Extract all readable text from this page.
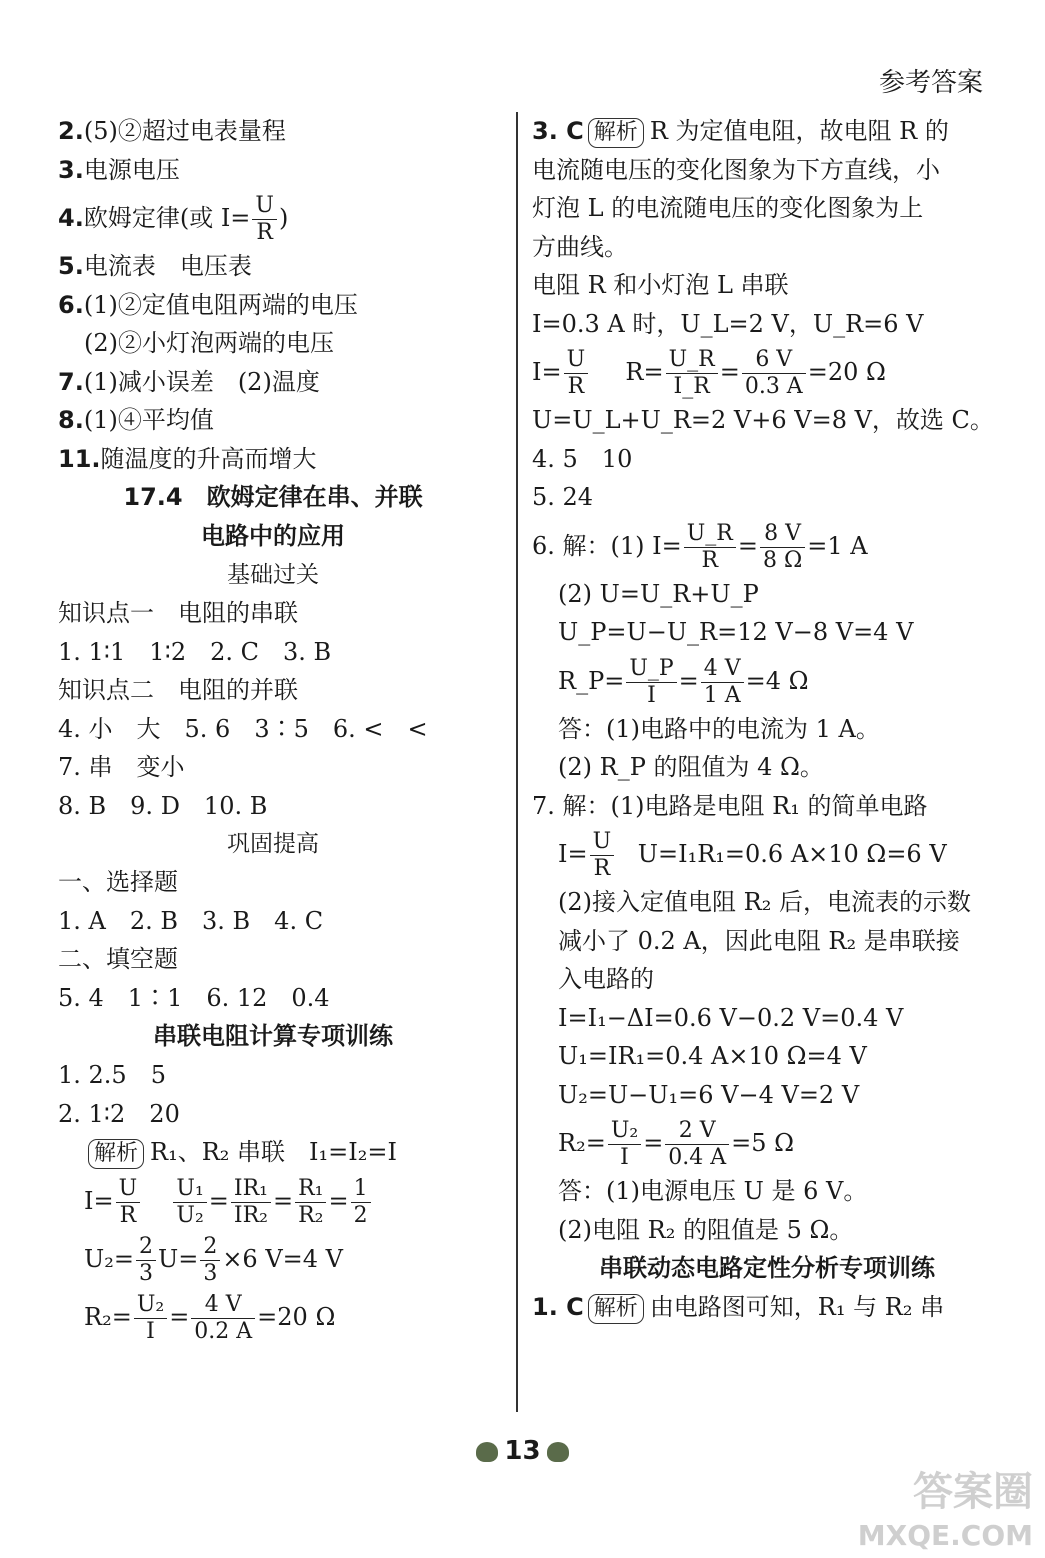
参考答案
2.(5)②超过电表量程
3.电源电压
4.欧姆定律(或 $I= \frac{U}{R}$ )
5.电流表　电压表
6.(1)②定值电阻两端的电压
(2)②小灯泡两端的电压
7.(1)减小误差　(2)温度
8.(1)④平均值
11.随温度的升高而增大
17.4　欧姆定律在串、并联
电路中的应用
基础过关
知识点一　电阻的串联
1. 1∶1　1∶2　2. C　3. B
知识点二　电阻的并联
4. 小　大　5. 6　3∶5　6. <　<
7. 串　变小
8. B　9. D　10. B
巩固提高
一、选择题
1. A　2. B　3. B　4. C
二、填空题
5. 4　1∶1　6. 12　0.4
串联电阻计算专项训练
1. 2.5　5
2. 1∶2　20
解析 R₁、R₂ 串联　I₁=I₂=I
$I= \frac{U}{R}$
$\frac{\text{U₁}}{\text{U₂}} = \frac{\text{IR₁}}{\text{IR₂}} = \frac{\text{R₁}}{\text{R₂}} = \frac{1}{2}$
$U_2= \frac{2}{3} U= \frac{2}{3} \times 6$ V=4 V
$R_2= \frac{\text{U₂}}{I} = \frac{4 V}{0.2 A} =20$ Ω
3. C 解析 R 为定值电阻，故电阻 R 的
电流随电压的变化图象为下方直线，小
灯泡 L 的电流随电压的变化图象为上
方曲线。
电阻 R 和小灯泡 L 串联
I=0.3 A 时，U_L=2 V，U_R=6 V
$I= \frac{U}{R} R= \frac{U\_R}{I\_R} = \frac{6 V}{0.3 A} =20$ Ω
U=U_L+U_R=2 V+6 V=8 V，故选 C。
4. 5　10
5. 24
6. 解：(1) $I= \frac{U\_R}{R} = \frac{8 V}{8 \Omega} =1$ A
(2) U=U_R+U_P
U_P=U−U_R=12 V−8 V=4 V
R_P= $\frac{U\_P}{I} = \frac{4 V}{1 A} =4$ Ω
答：(1)电路中的电流为 1 A。
(2) R_P 的阻值为 4 Ω。
7. 解：(1)电路是电阻 R₁ 的简单电路
$I= \frac{U}{R} U=I_1R_1=0.6$ A×10 Ω=6 V
(2)接入定值电阻 R₂ 后，电流表的示数
减小了 0.2 A，因此电阻 R₂ 是串联接
入电路的
I=I₁−ΔI=0.6 V−0.2 V=0.4 V
U₁=IR₁=0.4 A×10 Ω=4 V
U₂=U−U₁=6 V−4 V=2 V
$R_2= \frac{\text{U₂}}{I} = \frac{2 V}{0.4 A} =5$ Ω
答：(1)电源电压 U 是 6 V。
(2)电阻 R₂ 的阻值是 5 Ω。
串联动态电路定性分析专项训练
1. C 解析 由电路图可知，R₁ 与 R₂ 串
13
答案圈
MXQE.COM
